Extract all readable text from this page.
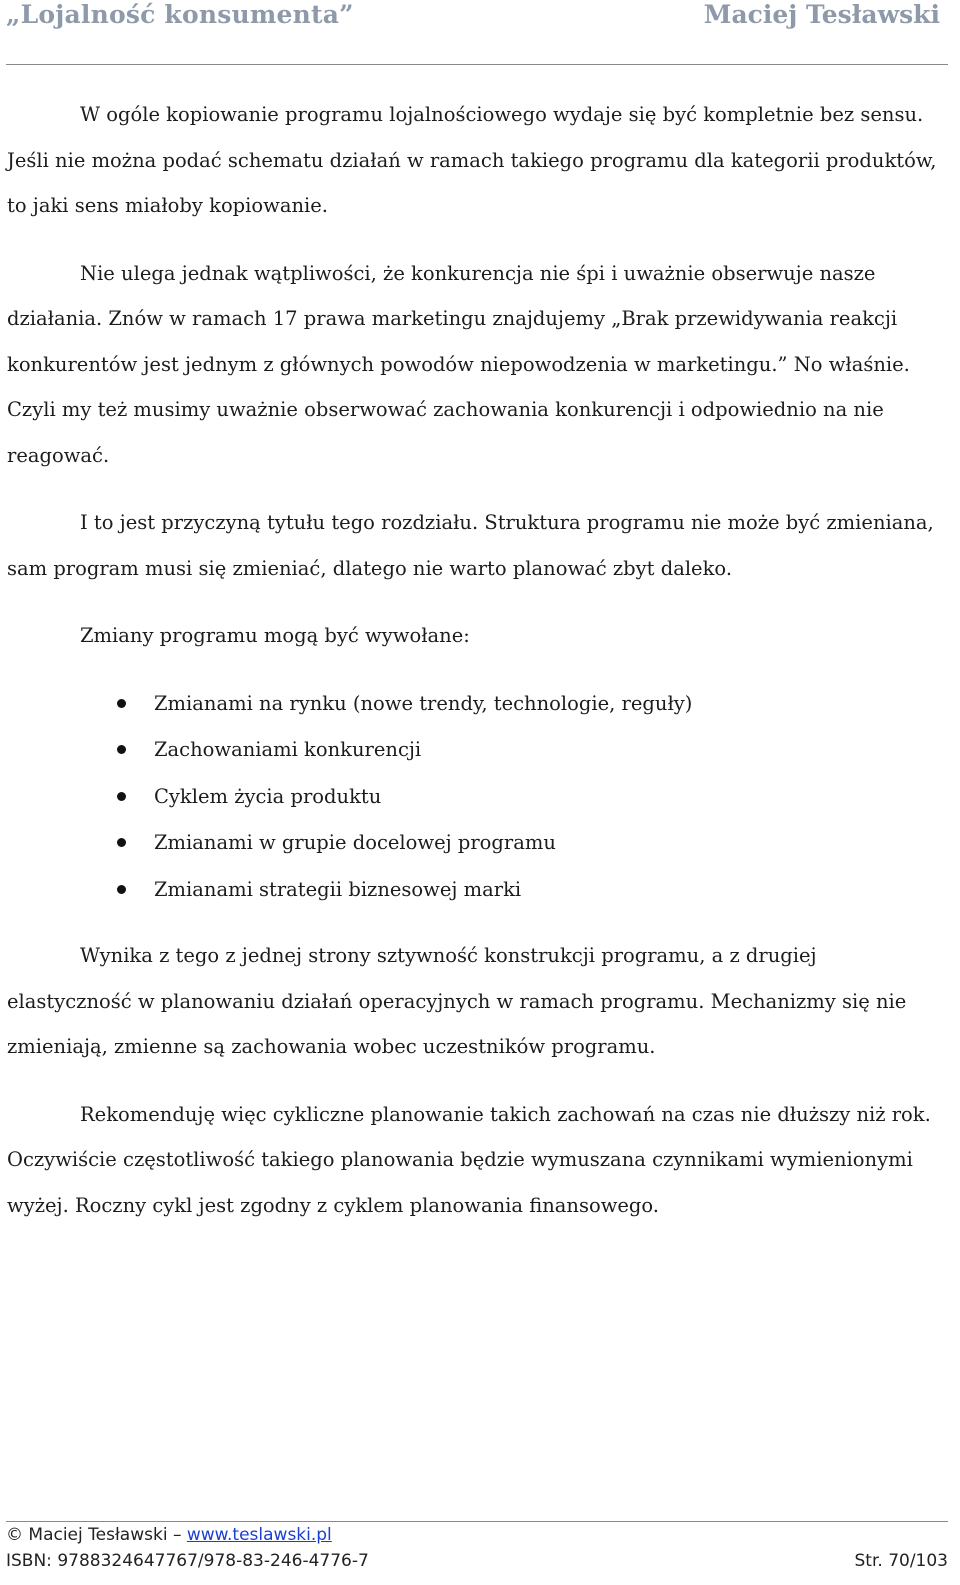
„Lojalność konsumenta”	Maciej Tesławski

W ogóle kopiowanie programu lojalnościowego wydaje się być kompletnie bez sensu. Jeśli nie można podać schematu działań w ramach takiego programu dla kategorii produktów, to jaki sens miałoby kopiowanie.

Nie ulega jednak wątpliwości, że konkurencja nie śpi i uważnie obserwuje nasze działania. Znów w ramach 17 prawa marketingu znajdujemy „Brak przewidywania reakcji konkurentów jest jednym z głównych powodów niepowodzenia w marketingu.” No właśnie. Czyli my też musimy uważnie obserwować zachowania konkurencji i odpowiednio na nie reagować.

I to jest przyczyną tytułu tego rozdziału. Struktura programu nie może być zmieniana, sam program musi się zmieniać, dlatego nie warto planować zbyt daleko.

Zmiany programu mogą być wywołane:

Zmianami na rynku (nowe trendy, technologie, reguły)
Zachowaniami konkurencji
Cyklem życia produktu
Zmianami w grupie docelowej programu
Zmianami strategii biznesowej marki

Wynika z tego z jednej strony sztywność konstrukcji programu, a z drugiej elastyczność w planowaniu działań operacyjnych w ramach programu. Mechanizmy się nie zmieniają, zmienne są zachowania wobec uczestników programu.

Rekomenduję więc cykliczne planowanie takich zachowań na czas nie dłuższy niż rok. Oczywiście częstotliwość takiego planowania będzie wymuszana czynnikami wymienionymi wyżej. Roczny cykl jest zgodny z cyklem planowania finansowego.

© Maciej Tesławski – www.teslawski.pl
ISBN: 9788324647767/978-83-246-4776-7	Str. 70/103
